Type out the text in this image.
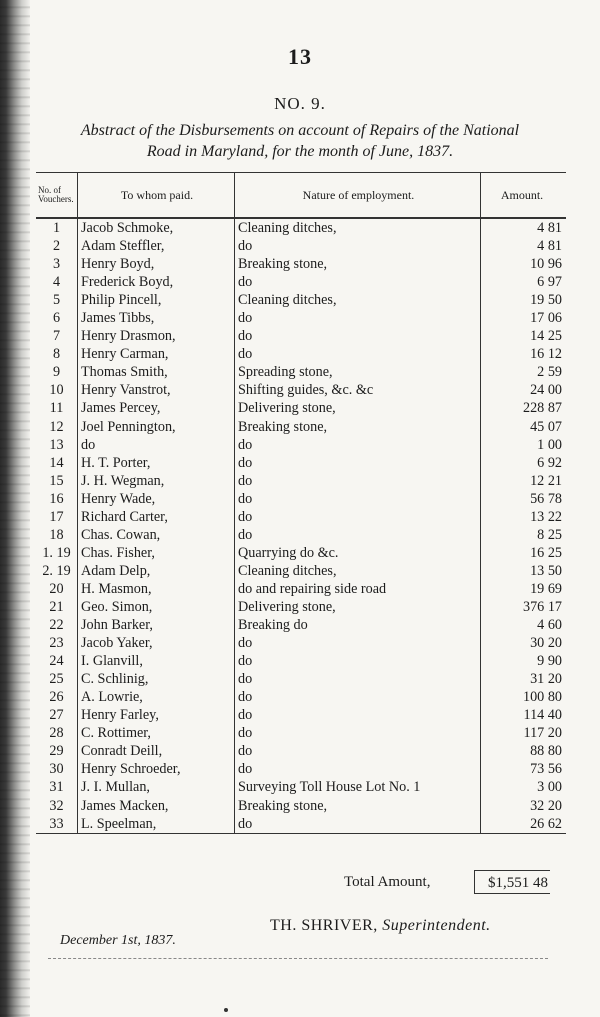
13
NO. 9.
Abstract of the Disbursements on account of Repairs of the National
Road in Maryland, for the month of June, 1837.
No. of Vouchers.	To whom paid.	Nature of employment.	Amount.
1	Jacob Schmoke,	Cleaning ditches,	4 81
2	Adam Steffler,	do	4 81
3	Henry Boyd,	Breaking stone,	10 96
4	Frederick Boyd,	do	6 97
5	Philip Pincell,	Cleaning ditches,	19 50
6	James Tibbs,	do	17 06
7	Henry Drasmon,	do	14 25
8	Henry Carman,	do	16 12
9	Thomas Smith,	Spreading stone,	2 59
10	Henry Vanstrot,	Shifting guides, &c. &c	24 00
11	James Percey,	Delivering stone,	228 87
12	Joel Pennington,	Breaking stone,	45 07
13	do	do	1 00
14	H. T. Porter,	do	6 92
15	J. H. Wegman,	do	12 21
16	Henry Wade,	do	56 78
17	Richard Carter,	do	13 22
18	Chas. Cowan,	do	8 25
1. 19	Chas. Fisher,	Quarrying do &c.	16 25
2. 19	Adam Delp,	Cleaning ditches,	13 50
20	H. Masmon,	do and repairing side road	19 69
21	Geo. Simon,	Delivering stone,	376 17
22	John Barker,	Breaking do	4 60
23	Jacob Yaker,	do	30 20
24	I. Glanvill,	do	9 90
25	C. Schlinig,	do	31 20
26	A. Lowrie,	do	100 80
27	Henry Farley,	do	114 40
28	C. Rottimer,	do	117 20
29	Conradt Deill,	do	88 80
30	Henry Schroeder,	do	73 56
31	J. I. Mullan,	Surveying Toll House Lot No. 1	3 00
32	James Macken,	Breaking stone,	32 20
33	L. Speelman,	do	26 62
Total Amount,	$1,551 48
TH. SHRIVER, Superintendent.
December 1st, 1837.
